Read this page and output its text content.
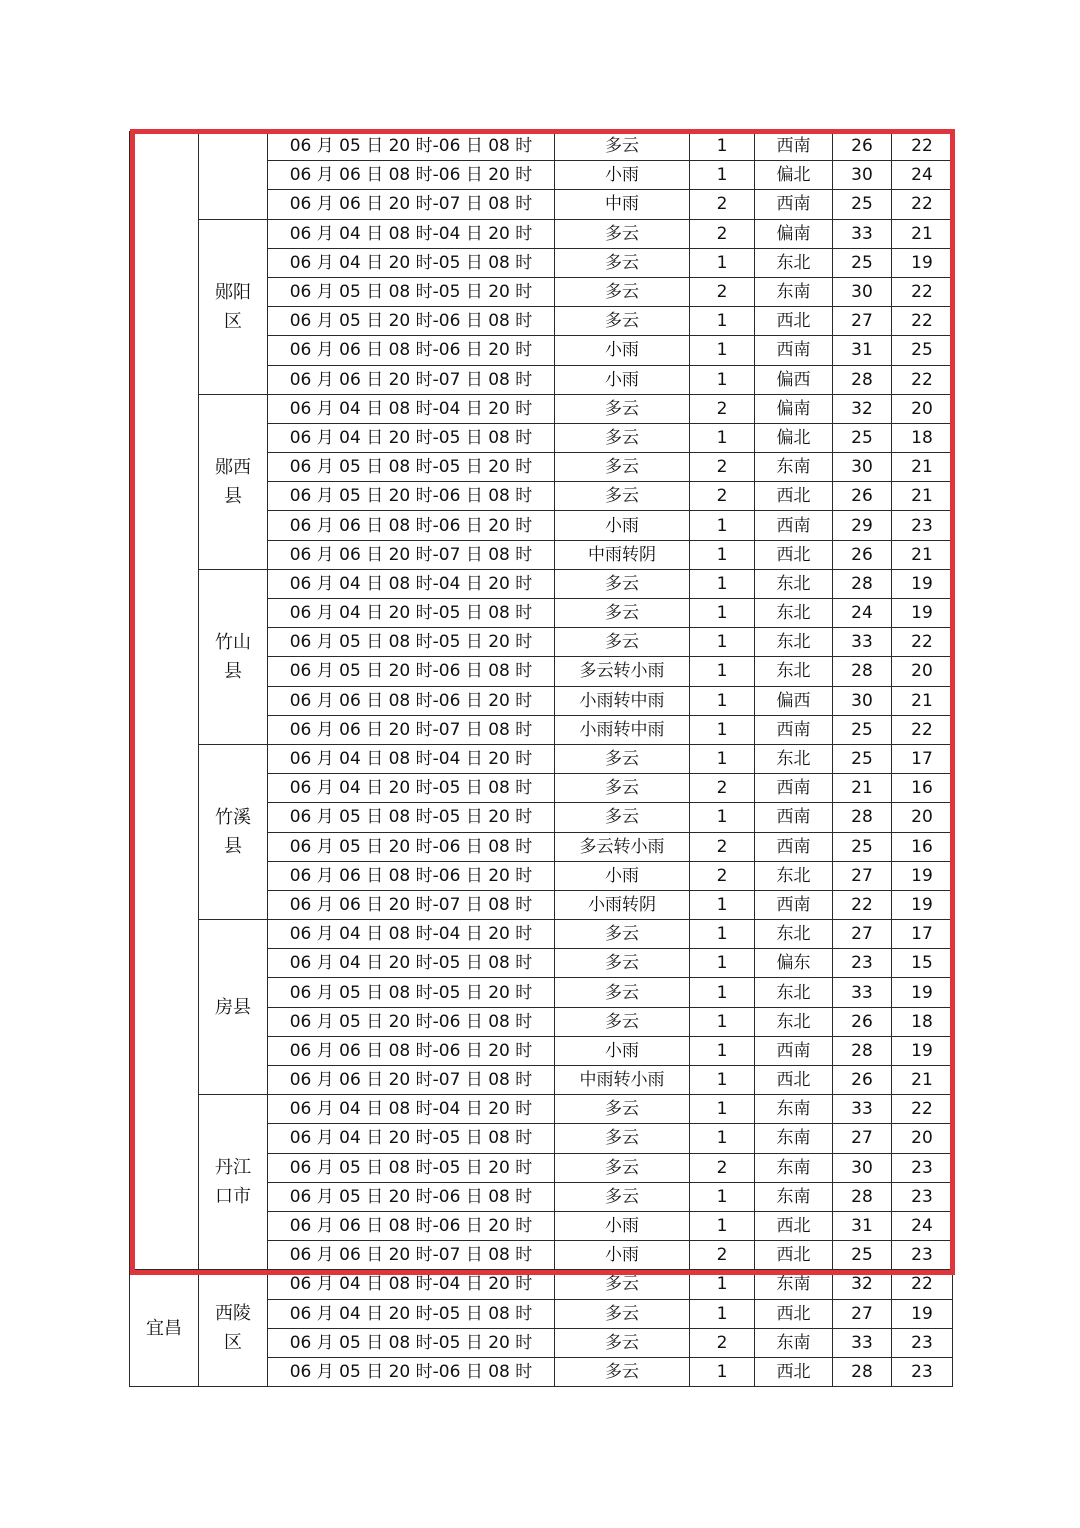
		06 月 05 日 20 时-06 日 08 时	多云	1	西南	26	22
		06 月 06 日 08 时-06 日 20 时	小雨	1	偏北	30	24
		06 月 06 日 20 时-07 日 08 时	中雨	2	西南	25	22
	郧阳区	06 月 04 日 08 时-04 日 20 时	多云	2	偏南	33	21
		06 月 04 日 20 时-05 日 08 时	多云	1	东北	25	19
		06 月 05 日 08 时-05 日 20 时	多云	2	东南	30	22
		06 月 05 日 20 时-06 日 08 时	多云	1	西北	27	22
		06 月 06 日 08 时-06 日 20 时	小雨	1	西南	31	25
		06 月 06 日 20 时-07 日 08 时	小雨	1	偏西	28	22
	郧西县	06 月 04 日 08 时-04 日 20 时	多云	2	偏南	32	20
		06 月 04 日 20 时-05 日 08 时	多云	1	偏北	25	18
		06 月 05 日 08 时-05 日 20 时	多云	2	东南	30	21
		06 月 05 日 20 时-06 日 08 时	多云	2	西北	26	21
		06 月 06 日 08 时-06 日 20 时	小雨	1	西南	29	23
		06 月 06 日 20 时-07 日 08 时	中雨转阴	1	西北	26	21
	竹山县	06 月 04 日 08 时-04 日 20 时	多云	1	东北	28	19
		06 月 04 日 20 时-05 日 08 时	多云	1	东北	24	19
		06 月 05 日 08 时-05 日 20 时	多云	1	东北	33	22
		06 月 05 日 20 时-06 日 08 时	多云转小雨	1	东北	28	20
		06 月 06 日 08 时-06 日 20 时	小雨转中雨	1	偏西	30	21
		06 月 06 日 20 时-07 日 08 时	小雨转中雨	1	西南	25	22
	竹溪县	06 月 04 日 08 时-04 日 20 时	多云	1	东北	25	17
		06 月 04 日 20 时-05 日 08 时	多云	2	西南	21	16
		06 月 05 日 08 时-05 日 20 时	多云	1	西南	28	20
		06 月 05 日 20 时-06 日 08 时	多云转小雨	2	西南	25	16
		06 月 06 日 08 时-06 日 20 时	小雨	2	东北	27	19
		06 月 06 日 20 时-07 日 08 时	小雨转阴	1	西南	22	19
	房县	06 月 04 日 08 时-04 日 20 时	多云	1	东北	27	17
		06 月 04 日 20 时-05 日 08 时	多云	1	偏东	23	15
		06 月 05 日 08 时-05 日 20 时	多云	1	东北	33	19
		06 月 05 日 20 时-06 日 08 时	多云	1	东北	26	18
		06 月 06 日 08 时-06 日 20 时	小雨	1	西南	28	19
		06 月 06 日 20 时-07 日 08 时	中雨转小雨	1	西北	26	21
	丹江口市	06 月 04 日 08 时-04 日 20 时	多云	1	东南	33	22
		06 月 04 日 20 时-05 日 08 时	多云	1	东南	27	20
		06 月 05 日 08 时-05 日 20 时	多云	2	东南	30	23
		06 月 05 日 20 时-06 日 08 时	多云	1	东南	28	23
		06 月 06 日 08 时-06 日 20 时	小雨	1	西北	31	24
		06 月 06 日 20 时-07 日 08 时	小雨	2	西北	25	23
宜昌	西陵区	06 月 04 日 08 时-04 日 20 时	多云	1	东南	32	22
		06 月 04 日 20 时-05 日 08 时	多云	1	西北	27	19
		06 月 05 日 08 时-05 日 20 时	多云	2	东南	33	23
		06 月 05 日 20 时-06 日 08 时	多云	1	西北	28	23
